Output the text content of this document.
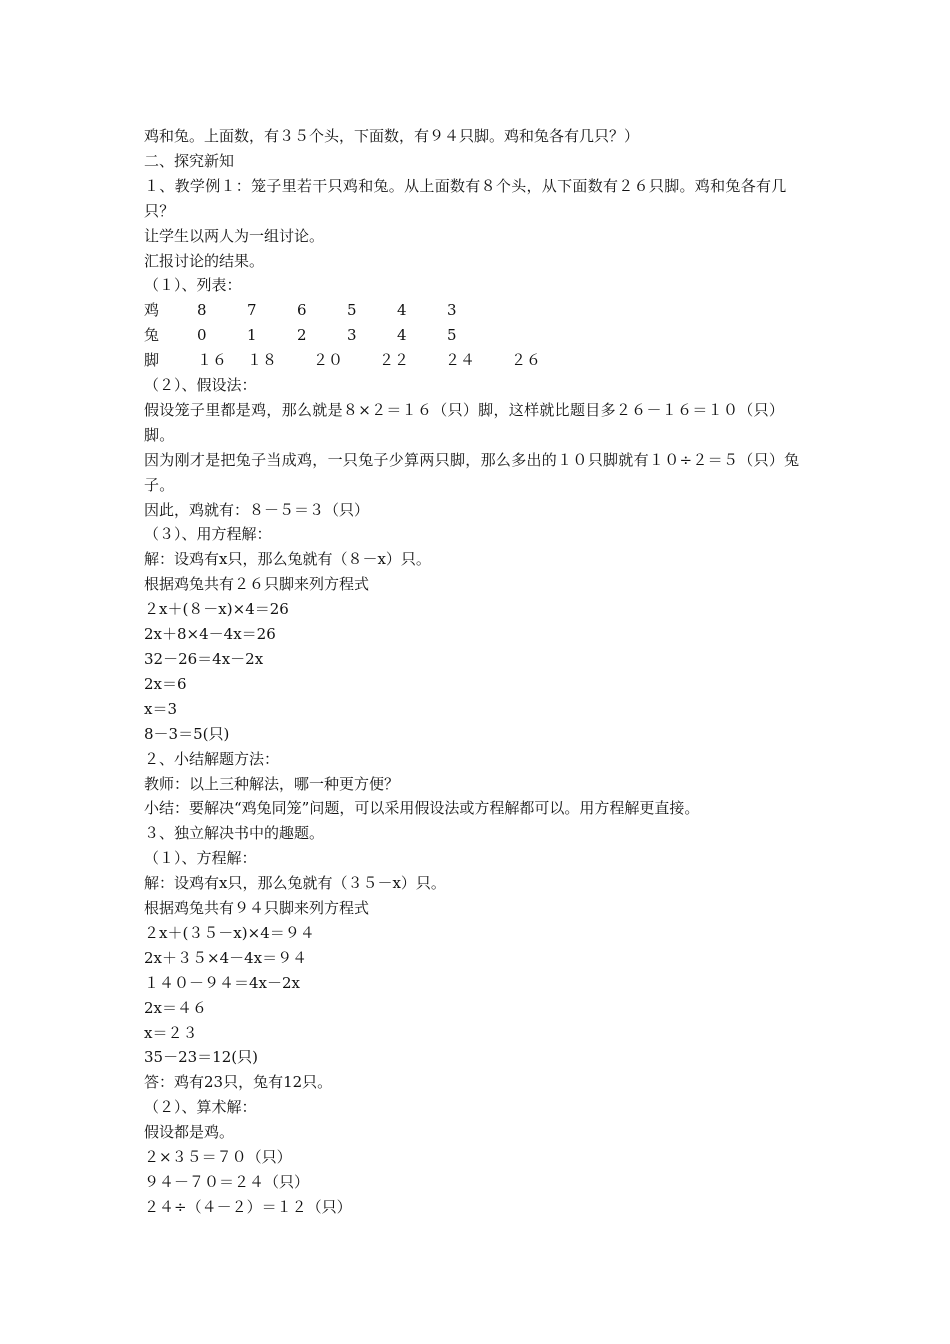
鸡和兔。上面数，有３５个头，下面数，有９４只脚。鸡和兔各有几只？）
二、探究新知
１、教学例１：笼子里若干只鸡和兔。从上面数有８个头，从下面数有２６只脚。鸡和兔各有几只？
让学生以两人为一组讨论。
汇报讨论的结果。
（１）、列表：
鸡	8	7	6	5	4	3
兔	0	1	2	3	4	5
脚	１６	１８	２０	２２	２４	２６
（２）、假设法：
假设笼子里都是鸡，那么就是８×２＝１６（只）脚，这样就比题目多２６－１６＝１０（只）脚。
因为刚才是把兔子当成鸡，一只兔子少算两只脚，那么多出的１０只脚就有１０÷２＝５（只）兔子。
因此，鸡就有：８－５＝３（只）
（３）、用方程解：
解：设鸡有x只，那么兔就有（８－x）只。
根据鸡兔共有２６只脚来列方程式
２x＋(８－x)×4＝26
2x＋8×4－4x＝26
32－26＝4x－2x
2x＝6
x＝3
8－3＝5(只)
２、小结解题方法：
教师：以上三种解法，哪一种更方便？
小结：要解决“鸡兔同笼”问题，可以采用假设法或方程解都可以。用方程解更直接。
３、独立解决书中的趣题。
（１）、方程解：
解：设鸡有x只，那么兔就有（３５－x）只。
根据鸡兔共有９４只脚来列方程式
２x＋(３５－x)×4＝９４
2x＋３５×4－4x＝９４
１４０－９４＝4x－2x
2x＝４６
x＝２３
35－23＝12(只)
答：鸡有23只，兔有12只。
（２）、算术解：
假设都是鸡。
２×３５＝７０（只）
９４－７０＝２４（只）
２４÷（４－２）＝１２（只）
